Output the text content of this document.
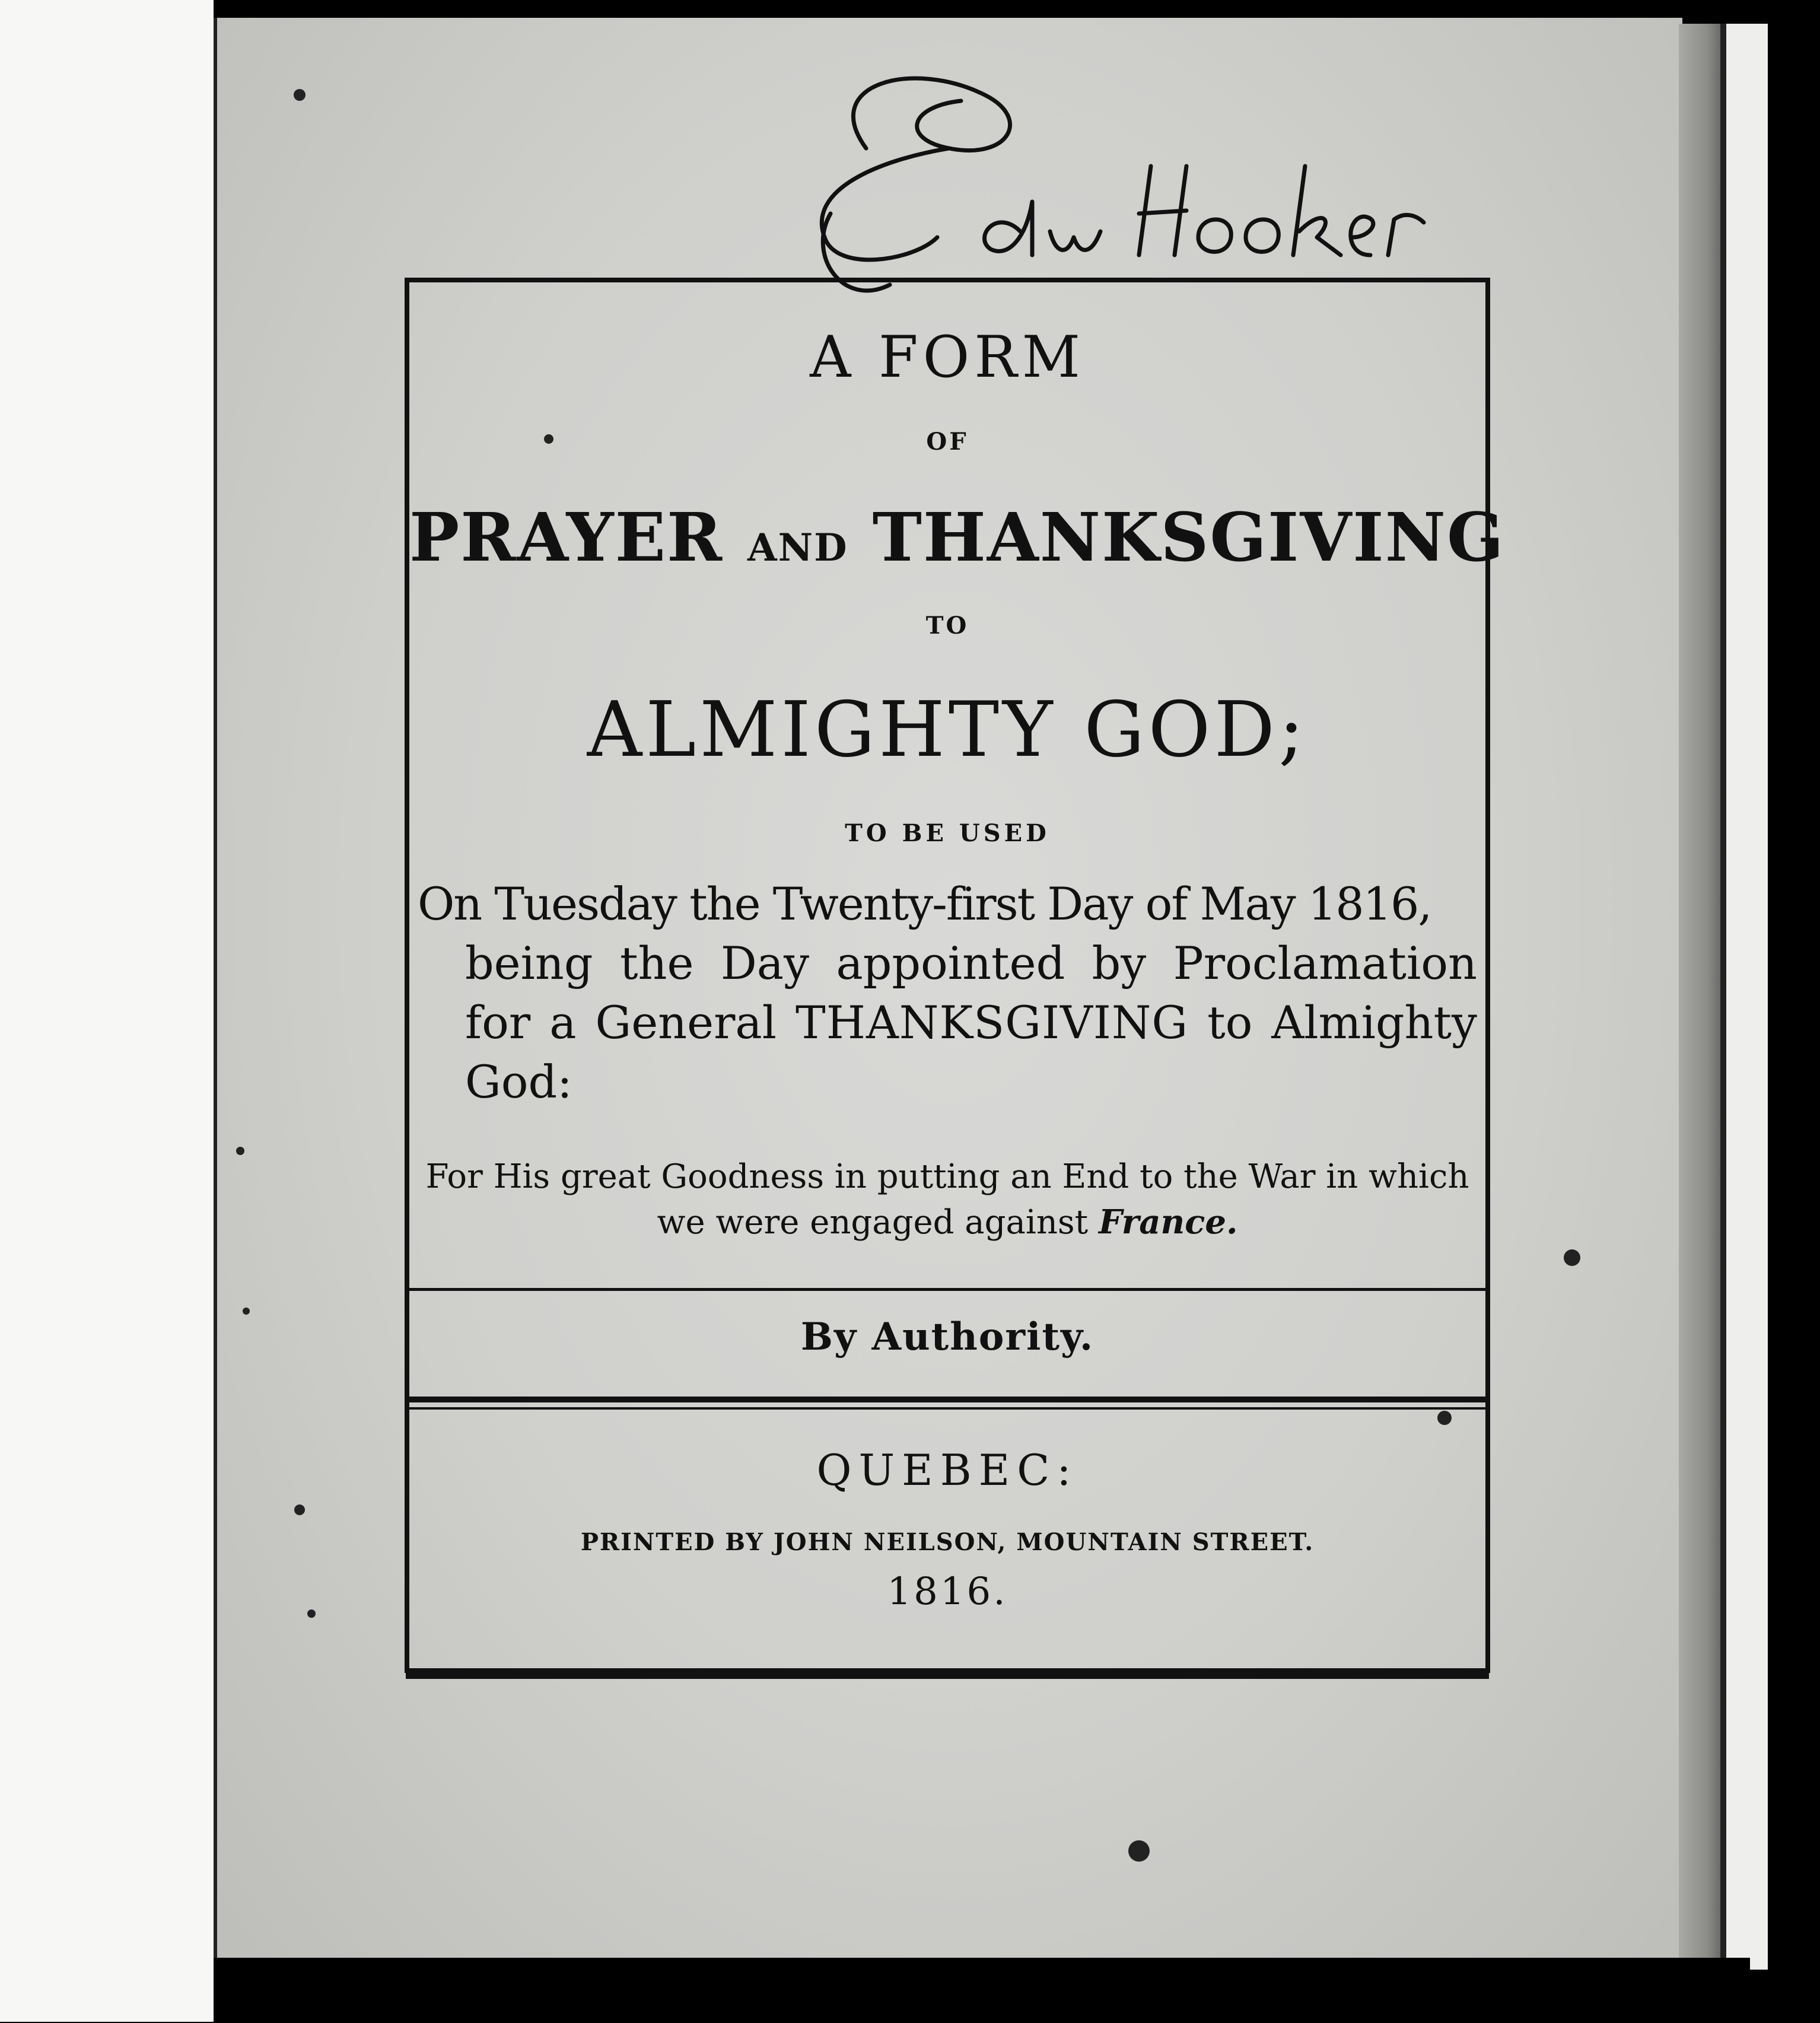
A FORM
OF
PRAYER AND THANKSGIVING
TO
ALMIGHTY GOD;
TO BE USED
On Tuesday the Twenty-first Day of May 1816,
being the Day appointed by Proclamation for a General THANKSGIVING to Almighty God:
For His great Goodness in putting an End to the War in which we were engaged against France.
By Authority.
QUEBEC:
PRINTED BY JOHN NEILSON, MOUNTAIN STREET.
1816.
